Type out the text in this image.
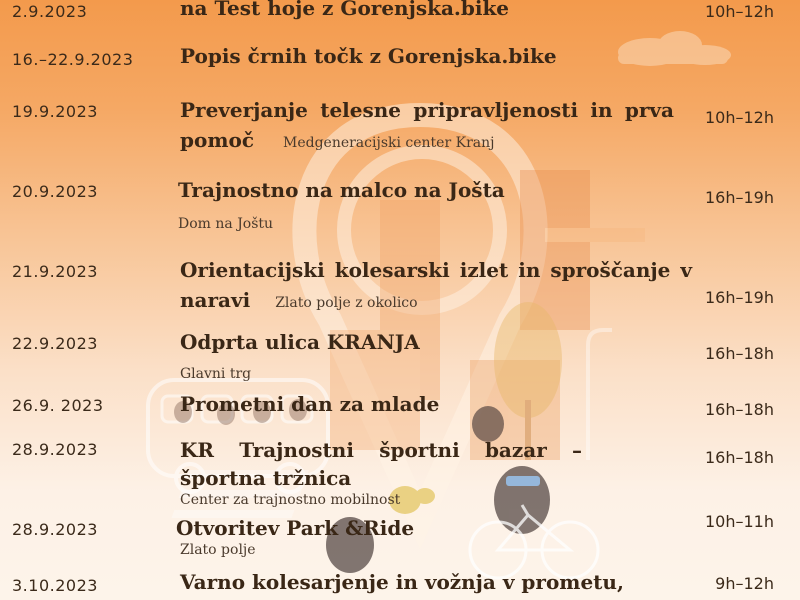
2.9.2023	na Test hoje z Gorenjska.bike	10h–12h
16.–22.9.2023 Popis črnih točk z Gorenjska.bike
19.9.2023	Preverjanje telesne pripravljenosti in prva
pomoč Medgeneracijski center Kranj
10h–12h
20.9.2023	Trajnostno na malco na Jošta
Dom na Joštu
16h–19h
21.9.2023	Orientacijski kolesarski izlet in sproščanje v
naravi Zlato polje z okolico	16h–19h
22.9.2023	Odprta ulica KRANJA
Glavni trg
16h–18h
26.9. 2023	Prometni dan za mlade	16h–18h
28.9.2023	KR Trajnostni športni bazar –
športna tržnica
Center za trajnostno mobilnost
16h–18h
28.9.2023	Otvoritev Park &Ride
Zlato polje
10h–11h
3.10.2023	Varno kolesarjenje in vožnja v prometu,	9h–12h
